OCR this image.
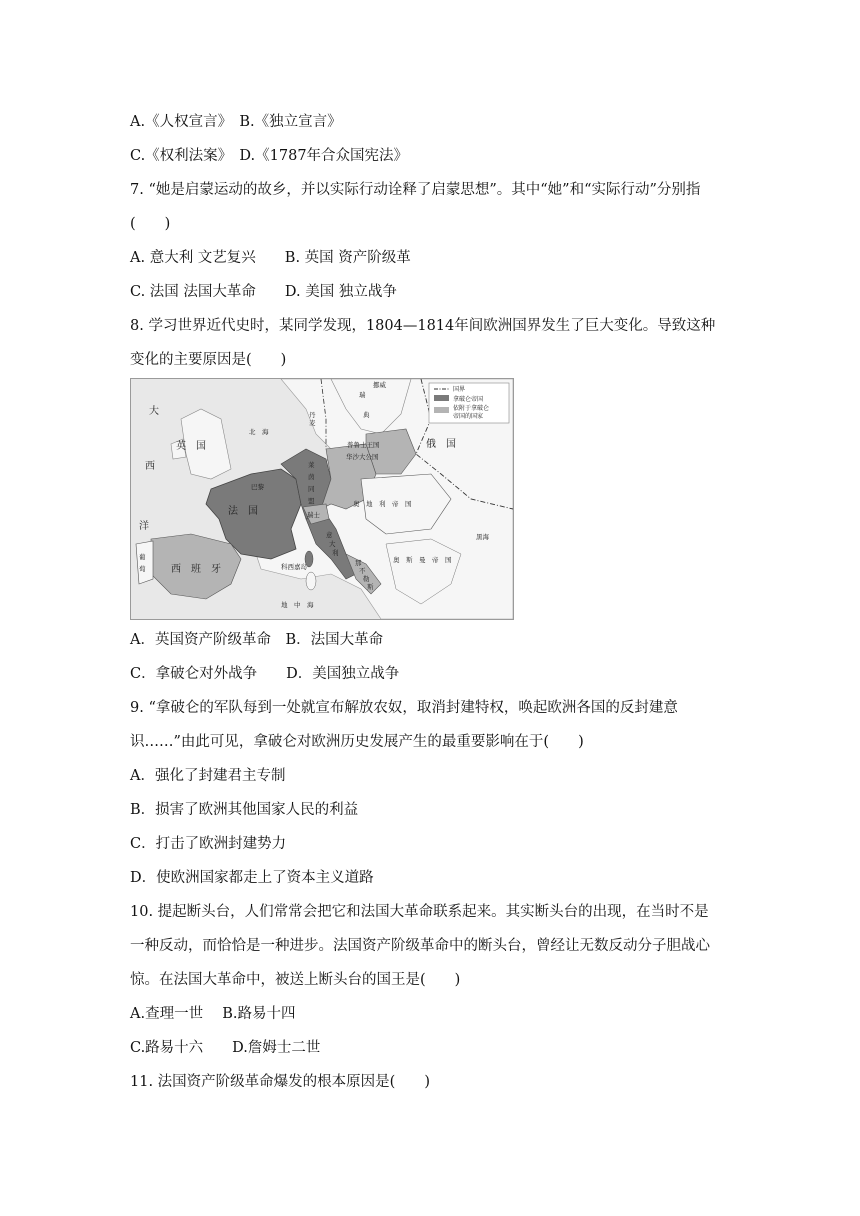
A.《人权宣言》　B.《独立宣言》
C.《权利法案》　D.《1787年合众国宪法》
7. “她是启蒙运动的故乡，并以实际行动诠释了启蒙思想”。其中“她”和“实际行动”分别指
(　　)
A. 意大利 文艺复兴　　B. 英国 资产阶级革
C. 法国 法国大革命　　D. 美国 独立战争
8. 学习世界近代史时，某同学发现，1804—1814年间欧洲国界发生了巨大变化。导致这种
变化的主要原因是(　　)
国界
拿破仑帝国
依附于拿破仑
帝国的国家
大
西
洋
英　国
北　海
巴黎
法　国
西　班　牙
葡
萄
瑞
典
挪威
丹
麦
普鲁士王国
华沙大公国
俄　国
奥　地　利　帝　国
奥　斯　曼　帝　国
瑞士
莱
茵
同
盟
意
大
利
那
不
勒
斯
科西嘉岛
地　中　海
黑海
A．英国资产阶级革命　B．法国大革命
C．拿破仑对外战争　　D．美国独立战争
9. “拿破仑的军队每到一处就宣布解放农奴，取消封建特权，唤起欧洲各国的反封建意
识……”由此可见，拿破仑对欧洲历史发展产生的最重要影响在于(　　)
A．强化了封建君主专制
B．损害了欧洲其他国家人民的利益
C．打击了欧洲封建势力
D．使欧洲国家都走上了资本主义道路
10. 提起断头台，人们常常会把它和法国大革命联系起来。其实断头台的出现，在当时不是
一种反动，而恰恰是一种进步。法国资产阶级革命中的断头台，曾经让无数反动分子胆战心
惊。在法国大革命中，被送上断头台的国王是(　　)
A.查理一世　 B.路易十四
C.路易十六　　D.詹姆士二世
11. 法国资产阶级革命爆发的根本原因是(　　)
